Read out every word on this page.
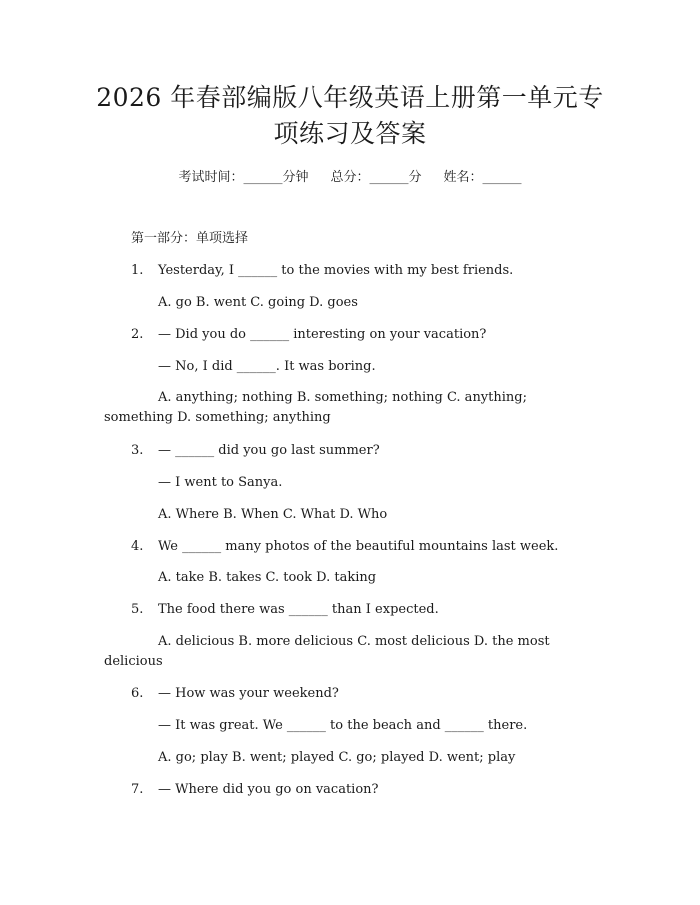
2026 年春部编版八年级英语上册第一单元专
项练习及答案
考试时间：______分钟 总分：______分 姓名：______
第一部分：单项选择
1. Yesterday, I ______ to the movies with my best friends.
A. go B. went C. going D. goes
2. — Did you do ______ interesting on your vacation?
— No, I did ______. It was boring.
A. anything; nothing B. something; nothing C. anything;
something D. something; anything
3. — ______ did you go last summer?
— I went to Sanya.
A. Where B. When C. What D. Who
4. We ______ many photos of the beautiful mountains last week.
A. take B. takes C. took D. taking
5. The food there was ______ than I expected.
A. delicious B. more delicious C. most delicious D. the most
delicious
6. — How was your weekend?
— It was great. We ______ to the beach and ______ there.
A. go; play B. went; played C. go; played D. went; play
7. — Where did you go on vacation?
